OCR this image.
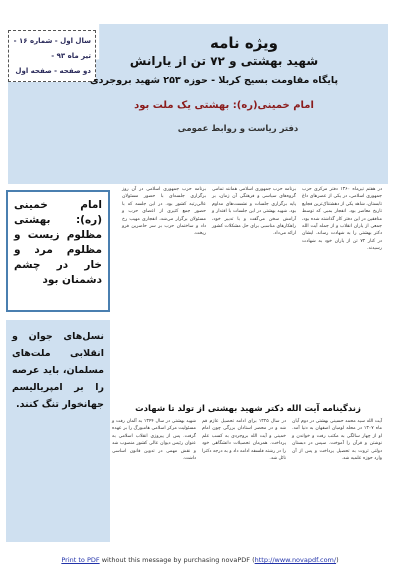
سال اول - شماره ۱۶ -
تیر ماه ۹۳ -
دو صفحه - صفحه اول
ویژه نامه
شهید بهشتی و ۷۲ تن از یارانش
پایگاه مقاومت بسیج کربلا - حوزه ۲۵۳ شهید بروجردی
امام خمینی(ره): بهشتی یک ملت بود
دفتر ریاست و روابط عمومی
امام خمینی (ره): بهشتی مظلوم زیست و مظلوم مرد و خار در چشم دشمنان بود
نسل‌های جوان و انقلابی ملت‌های مسلمان، باید عرصه را بر امپریالیسم جهانخوار تنگ کنند.

در هفتم تیرماه ۱۳۶۰ دفتر مرکزی حزب جمهوری اسلامی، در یکی از عصرهای داغ تابستان، شاهد یکی از دهشتناک‌ترین فجایع تاریخ معاصر بود. انفجار بمبی که توسط منافقین در این دفتر کار گذاشته شده بود، جمعی از یاران انقلاب و از جمله آیت الله دکتر بهشتی را به شهادت رساند. ایشان در کنار ۷۲ تن از یاران خود به شهادت رسیدند.

برنامه حزب جمهوری اسلامی همانند تمامی گروه‌های سیاسی و فرهنگی آن زمان، بر پایه برگزاری جلسات و نشست‌های مداوم بود. شهید بهشتی در این جلسات با اقتدار و آرامش سخن می‌گفت و با تدبیر خود، راهکارهای مناسبی برای حل مشکلات کشور ارائه می‌داد.

برنامه حزب جمهوری اسلامی در آن روز برگزاری جلسه‌ای با حضور مسئولان عالی‌رتبه کشور بود. در این جلسه که با حضور جمع کثیری از اعضای حزب و مسئولان برگزار می‌شد، انفجاری مهیب رخ داد و ساختمان حزب بر سر حاضرین فرو ریخت.

زندگینامه آیت الله دکتر شهید بهشتی از تولد تا شهادت

آیت الله سید محمد حسینی بهشتی در دوم آبان ماه ۱۳۰۷ در محله لومبان اصفهان به دنیا آمد. او از چهار سالگی به مکتب رفت و خواندن و نوشتن و قرآن را آموخت. سپس در دبستان دولتی ثروت به تحصیل پرداخت و پس از آن وارد حوزه علمیه شد.

در سال ۱۳۲۵ برای ادامه تحصیل عازم قم شد و در محضر استادان بزرگی چون امام خمینی و آیت الله بروجردی به کسب علم پرداخت. همزمان تحصیلات دانشگاهی خود را در رشته فلسفه ادامه داد و به درجه دکترا نائل شد.

شهید بهشتی در سال ۱۳۴۴ به آلمان رفت و مسئولیت مرکز اسلامی هامبورگ را بر عهده گرفت. پس از پیروزی انقلاب اسلامی به عنوان رئیس دیوان عالی کشور منصوب شد و نقش مهمی در تدوین قانون اساسی داشت.

Print to PDF without this message by purchasing novaPDF (http://www.novapdf.com/)
